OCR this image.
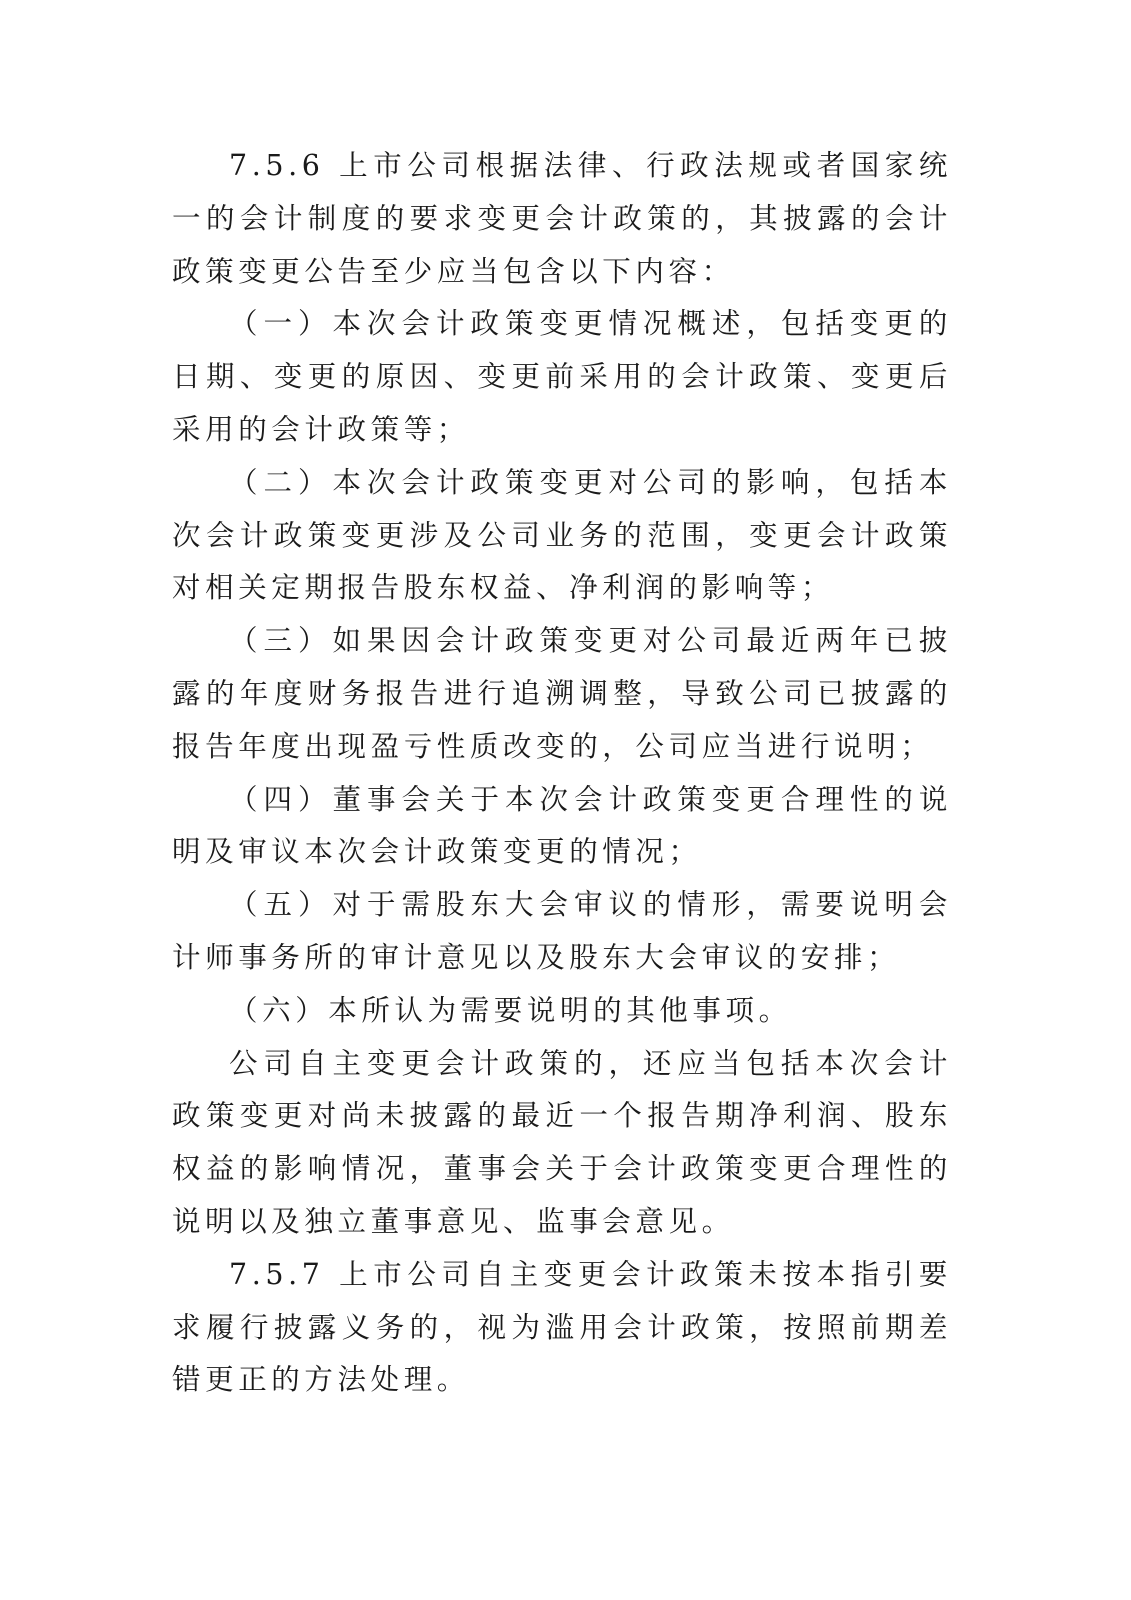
7.5.6 上市公司根据法律、行政法规或者国家统一的会计制度的要求变更会计政策的，其披露的会计政策变更公告至少应当包含以下内容：

（一）本次会计政策变更情况概述，包括变更的日期、变更的原因、变更前采用的会计政策、变更后采用的会计政策等；

（二）本次会计政策变更对公司的影响，包括本次会计政策变更涉及公司业务的范围，变更会计政策对相关定期报告股东权益、净利润的影响等；

（三）如果因会计政策变更对公司最近两年已披露的年度财务报告进行追溯调整，导致公司已披露的报告年度出现盈亏性质改变的，公司应当进行说明；

（四）董事会关于本次会计政策变更合理性的说明及审议本次会计政策变更的情况；

（五）对于需股东大会审议的情形，需要说明会计师事务所的审计意见以及股东大会审议的安排；

（六）本所认为需要说明的其他事项。

公司自主变更会计政策的，还应当包括本次会计政策变更对尚未披露的最近一个报告期净利润、股东权益的影响情况，董事会关于会计政策变更合理性的说明以及独立董事意见、监事会意见。

7.5.7 上市公司自主变更会计政策未按本指引要求履行披露义务的，视为滥用会计政策，按照前期差错更正的方法处理。
